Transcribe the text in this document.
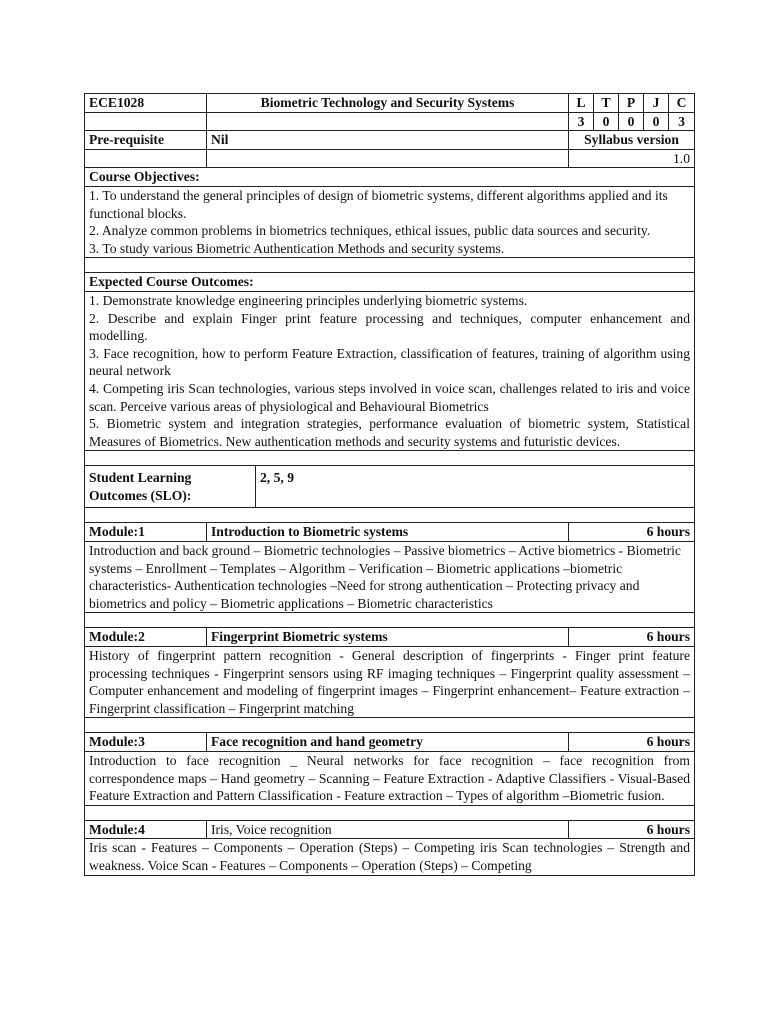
ECE1028	Biometric Technology and Security Systems		L	T	P	J	C
			3	0	0	0	3
Pre-requisite	Nil		Syllabus version				
			1.0				
Course Objectives:							

1. To understand the general principles of design of biometric systems, different algorithms applied and its functional blocks.

2. Analyze common problems in biometrics techniques, ethical issues, public data sources and security.

3. To study various Biometric Authentication Methods and security systems.							

Expected Course Outcomes:							

1. Demonstrate knowledge engineering principles underlying biometric systems.

2. Describe and explain Finger print feature processing and techniques, computer enhancement and modelling.

3. Face recognition, how to perform Feature Extraction, classification of features, training of algorithm using neural network

4. Competing iris Scan technologies, various steps involved in voice scan, challenges related to iris and voice scan. Perceive various areas of physiological and Behavioural Biometrics

5. Biometric system and integration strategies, performance evaluation of biometric system, Statistical Measures of Biometrics. New authentication methods and security systems and futuristic devices.							

Student Learning Outcomes (SLO):		2, 5, 9					

Module:1	Introduction to Biometric systems		6 hours				
Introduction and back ground – Biometric technologies – Passive biometrics – Active biometrics - Biometric systems – Enrollment – Templates – Algorithm – Verification – Biometric applications –biometric characteristics- Authentication technologies –Need for strong authentication – Protecting privacy and biometrics and policy – Biometric applications – Biometric characteristics							

Module:2	Fingerprint Biometric systems		6 hours				
History of fingerprint pattern recognition - General description of fingerprints - Finger print feature processing techniques - Fingerprint sensors using RF imaging techniques – Fingerprint quality assessment – Computer enhancement and modeling of fingerprint images – Fingerprint enhancement– Feature extraction – Fingerprint classification – Fingerprint matching							

Module:3	Face recognition and hand geometry		6 hours				
Introduction to face recognition _ Neural networks for face recognition – face recognition from correspondence maps – Hand geometry – Scanning – Feature Extraction - Adaptive Classifiers - Visual-Based Feature Extraction and Pattern Classification - Feature extraction – Types of algorithm –Biometric fusion.							

Module:4	Iris, Voice recognition		6 hours				
Iris scan - Features – Components – Operation (Steps) – Competing iris Scan technologies – Strength and weakness. Voice Scan - Features – Components – Operation (Steps) – Competing							
